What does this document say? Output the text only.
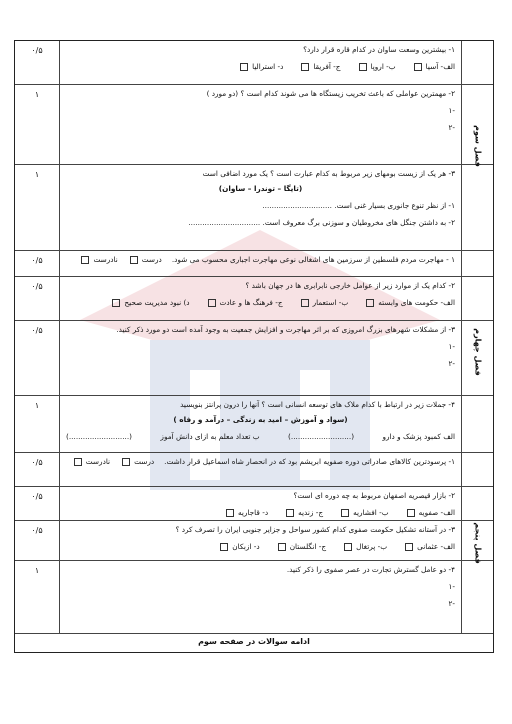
۰/۵	۱- بیشترین وسعت ساوان در کدام قاره قرار دارد؟
الف- آسیا
ب- اروپا
ج- آفریقا
د- استرالیا
۱	۲- مهمترین عواملی که باعث تخریب زیستگاه ها می شوند کدام است ؟ (دو مورد )
-۱
-۲
۱	۳- هر یک از زیست بومهای زیر مربوط به کدام عبارت است ؟ یک مورد اضافی است
(تایگا – توندرا – ساوان)
۱- از نظر تنوع جانوری بسیار غنی است. ..............................
۲- به داشتن جنگل های مخروطیان و سوزنی برگ معروف است. ...............................
۰/۵	۱ - مهاجرت مردم فلسطین از سرزمین های اشغالی نوعی مهاجرت اجباری محسوب می شود.
درست
نادرست
۰/۵	۲- کدام یک از موارد زیر از عوامل خارجی نابرابری ها در جهان باشد ؟
الف- حکومت های وابسته
ب- استعمار
ج- فرهنگ ها و عادت
د) نبود مدیریت صحیح
۰/۵	۳- از مشکلات شهرهای بزرگ امروزی که بر اثر مهاجرت و افزایش جمعیت به وجود آمده است دو مورد ذکر کنید.
-۱
-۲
۱	۴- جملات زیر در ارتباط با کدام ملاک های توسعه انسانی است ؟ آنها را درون پرانتز بنویسید
(سواد و آموزش – امید به زندگی – درآمد و رفاه )
الف کمبود پزشک و دارو
(..........................)
ب تعداد معلم به ازای دانش آموز
(..........................)
۰/۵	۱- پرسودترین کالاهای صادراتی دوره صفویه ابریشم بود که در انحصار شاه اسماعیل قرار داشت.
درست
نادرست
۰/۵	۲- بازار قیصریه اصفهان مربوط به چه دوره ای است؟
الف- صفویه
ب- افشاریه
ج- زندیه
د- قاجاریه
۰/۵	۳- در آستانه تشکیل حکومت صفوی کدام کشور سواحل و جزایر جنوبی ایران را تصرف کرد ؟
الف- عثمانی
ب- پرتغال
ج- انگلستان
د- ازبکان
۱	۴- دو عامل گسترش تجارت در عصر صفوی را ذکر کنید.
-۱
-۲
فصل سوم
فصل چهارم
فصل پنجم
ادامه سوالات در صفحه سوم
